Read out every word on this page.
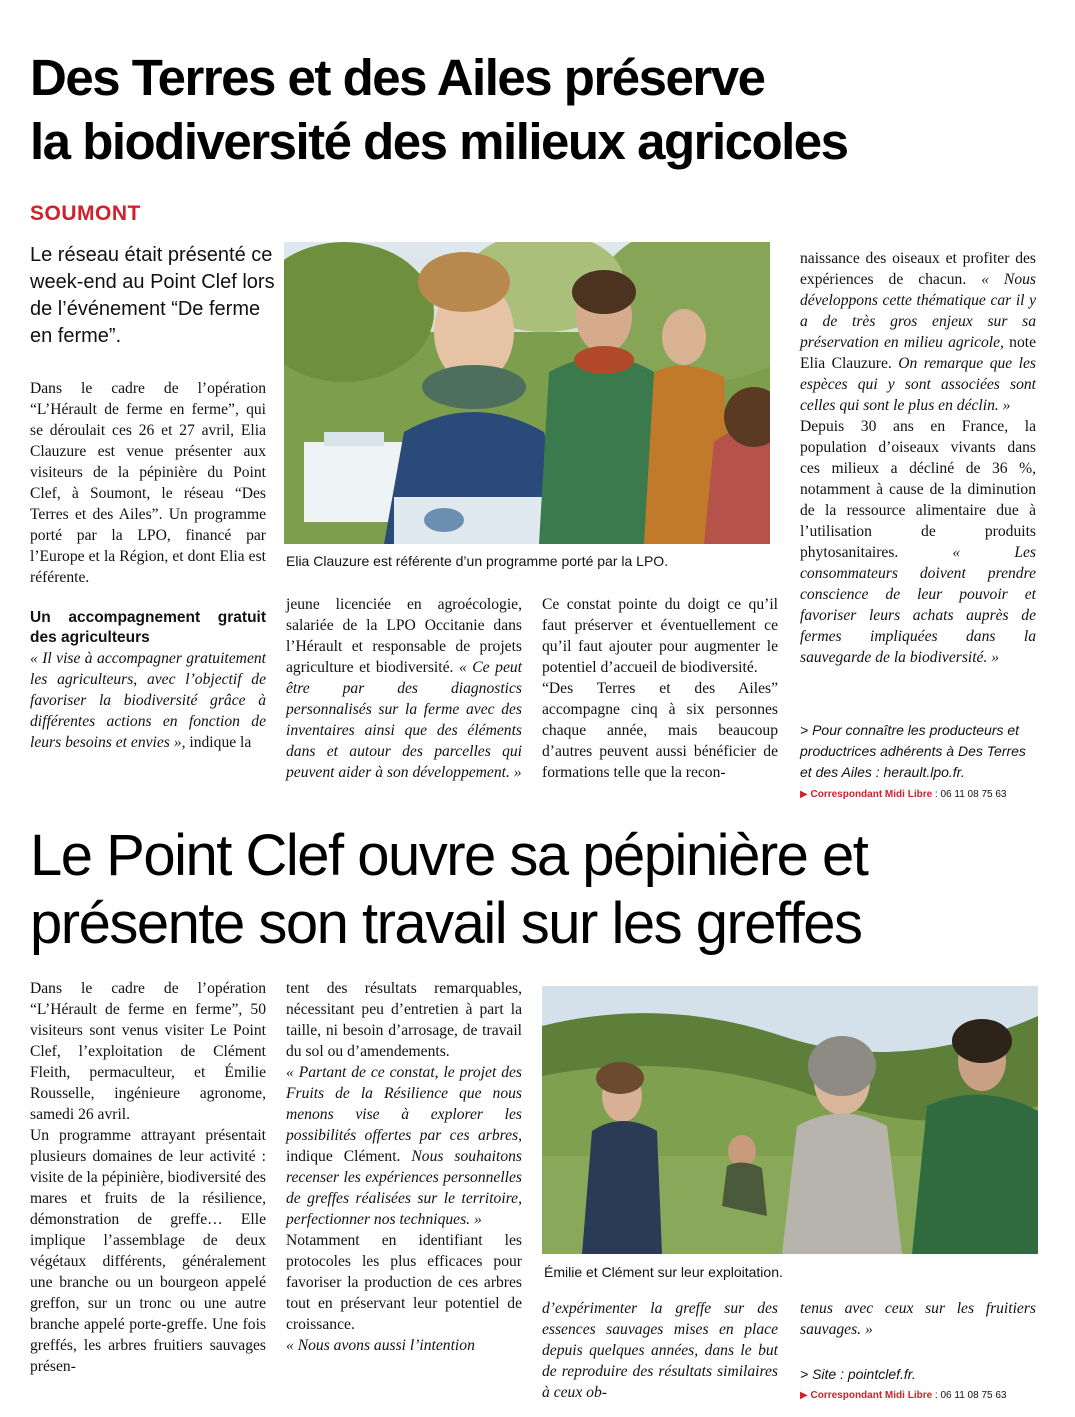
Des Terres et des Ailes préserve
la biodiversité des milieux agricoles
SOUMONT
Le réseau était présenté ce week-end au Point Clef lors de l’événement “De ferme en ferme”.
Elia Clauzure est référente d’un programme porté par la LPO.

Dans le cadre de l’opération “L’Hérault de ferme en ferme”, qui se déroulait ces 26 et 27 avril, Elia Clauzure est venue présenter aux visiteurs de la pépinière du Point Clef, à Soumont, le réseau “Des Terres et des Ailes”. Un programme porté par la LPO, financé par l’Europe et la Région, et dont Elia est référente.

Un accompagnement gratuit des agriculteurs

« Il vise à accompagner gratuitement les agriculteurs, avec l’objectif de favoriser la biodiversité grâce à différentes actions en fonction de leurs besoins et envies », indique la

jeune licenciée en agroécologie, salariée de la LPO Occitanie dans l’Hérault et responsable de projets agriculture et biodiversité. « Ce peut être par des diagnostics personnalisés sur la ferme avec des inventaires ainsi que des éléments dans et autour des parcelles qui peuvent aider à son développement. »

Ce constat pointe du doigt ce qu’il faut préserver et éventuellement ce qu’il faut ajouter pour augmenter le potentiel d’accueil de biodiversité.

“Des Terres et des Ailes” accompagne cinq à six personnes chaque année, mais beaucoup d’autres peuvent aussi bénéficier de formations telle que la recon-

naissance des oiseaux et profiter des expériences de chacun. « Nous développons cette thématique car il y a de très gros enjeux sur sa préservation en milieu agricole, note Elia Clauzure. On remarque que les espèces qui y sont associées sont celles qui sont le plus en déclin. »

Depuis 30 ans en France, la population d’oiseaux vivants dans ces milieux a décliné de 36 %, notamment à cause de la diminution de la ressource alimentaire due à l’utilisation de produits phytosanitaires. « Les consommateurs doivent prendre conscience de leur pouvoir et favoriser leurs achats auprès de fermes impliquées dans la sauvegarde de la biodiversité. »

> Pour connaître les producteurs et productrices adhérents à Des Terres et des Ailes : herault.lpo.fr.
▶ Correspondant Midi Libre : 06 11 08 75 63
Le Point Clef ouvre sa pépinière et
présente son travail sur les greffes

Dans le cadre de l’opération “L’Hérault de ferme en ferme”, 50 visiteurs sont venus visiter Le Point Clef, l’exploitation de Clément Fleith, permaculteur, et Émilie Rousselle, ingénieure agronome, samedi 26 avril.

Un programme attrayant présentait plusieurs domaines de leur activité : visite de la pépinière, biodiversité des mares et fruits de la résilience, démonstration de greffe… Elle implique l’assemblage de deux végétaux différents, généralement une branche ou un bourgeon appelé greffon, sur un tronc ou une autre branche appelé porte-greffe. Une fois greffés, les arbres fruitiers sauvages présen-

tent des résultats remarquables, nécessitant peu d’entretien à part la taille, ni besoin d’arrosage, de travail du sol ou d’amendements.

« Partant de ce constat, le projet des Fruits de la Résilience que nous menons vise à explorer les possibilités offertes par ces arbres, indique Clément. Nous souhaitons recenser les expériences personnelles de greffes réalisées sur le territoire, perfectionner nos techniques. »

Notamment en identifiant les protocoles les plus efficaces pour favoriser la production de ces arbres tout en préservant leur potentiel de croissance.

« Nous avons aussi l’intention

Émilie et Clément sur leur exploitation.

d’expérimenter la greffe sur des essences sauvages mises en place depuis quelques années, dans le but de reproduire des résultats similaires à ceux ob-

tenus avec ceux sur les fruitiers sauvages. »

> Site : pointclef.fr.
▶ Correspondant Midi Libre : 06 11 08 75 63
